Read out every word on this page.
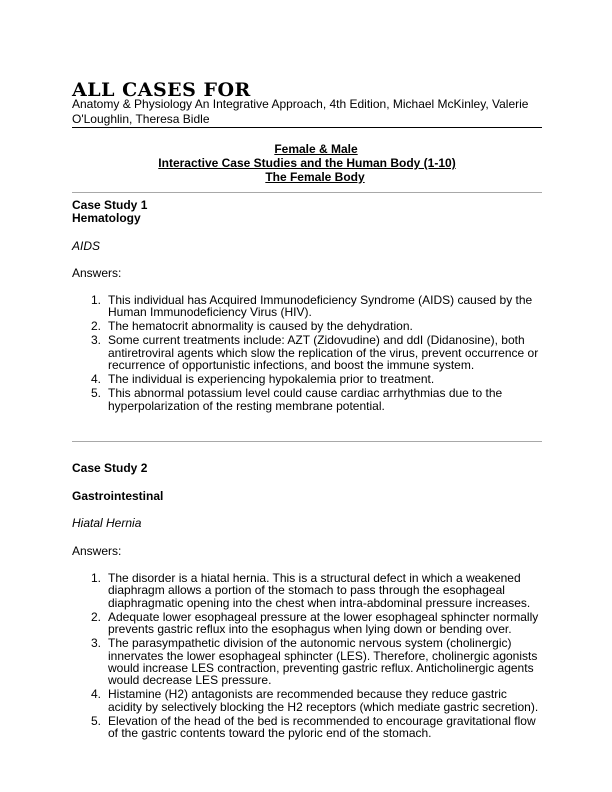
ALL CASES FOR

Anatomy & Physiology An Integrative Approach, 4th Edition, Michael McKinley, Valerie O'Loughlin, Theresa Bidle

Female & Male
Interactive Case Studies and the Human Body (1-10)
The Female Body
Case Study 1
Hematology
AIDS
Answers:
1. This individual has Acquired Immunodeficiency Syndrome (AIDS) caused by the Human Immunodeficiency Virus (HIV).
2. The hematocrit abnormality is caused by the dehydration.
3. Some current treatments include: AZT (Zidovudine) and ddI (Didanosine), both antiretroviral agents which slow the replication of the virus, prevent occurrence or recurrence of opportunistic infections, and boost the immune system.
4. The individual is experiencing hypokalemia prior to treatment.
5. This abnormal potassium level could cause cardiac arrhythmias due to the hyperpolarization of the resting membrane potential.
Case Study 2
Gastrointestinal
Hiatal Hernia
Answers:
1. The disorder is a hiatal hernia. This is a structural defect in which a weakened diaphragm allows a portion of the stomach to pass through the esophageal diaphragmatic opening into the chest when intra-abdominal pressure increases.
2. Adequate lower esophageal pressure at the lower esophageal sphincter normally prevents gastric reflux into the esophagus when lying down or bending over.
3. The parasympathetic division of the autonomic nervous system (cholinergic) innervates the lower esophageal sphincter (LES). Therefore, cholinergic agonists would increase LES contraction, preventing gastric reflux. Anticholinergic agents would decrease LES pressure.
4. Histamine (H2) antagonists are recommended because they reduce gastric acidity by selectively blocking the H2 receptors (which mediate gastric secretion).
5. Elevation of the head of the bed is recommended to encourage gravitational flow of the gastric contents toward the pyloric end of the stomach.
